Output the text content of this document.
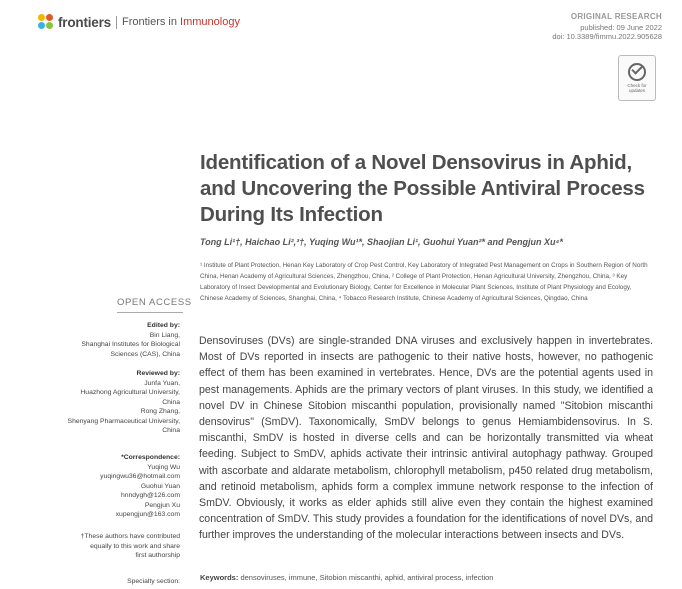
frontiers Frontiers in Immunology	ORIGINAL RESEARCH
published: 09 June 2022
doi: 10.3389/fimmu.2022.905628
Check for
updates
Identification of a Novel Densovirus in Aphid, and Uncovering the Possible Antiviral Process During Its Infection
Tong Li¹†, Haichao Li²,³†, Yuqing Wu¹*, Shaojian Li¹, Guohui Yuan²* and Pengjun Xu⁴*
¹ Institute of Plant Protection, Henan Key Laboratory of Crop Pest Control, Key Laboratory of Integrated Pest Management on Crops in Southern Region of North China, Henan Academy of Agricultural Sciences, Zhengzhou, China, ² College of Plant Protection, Henan Agricultural University, Zhengzhou, China, ³ Key Laboratory of Insect Developmental and Evolutionary Biology, Center for Excellence in Molecular Plant Sciences, Institute of Plant Physiology and Ecology, Chinese Academy of Sciences, Shanghai, China, ⁴ Tobacco Research Institute, Chinese Academy of Agricultural Sciences, Qingdao, China
OPEN ACCESS
Edited by:
Bin Liang,
Shanghai Institutes for Biological
Sciences (CAS), China
Reviewed by:
Junfa Yuan,
Huazhong Agricultural University,
China
Rong Zhang,
Shenyang Pharmaceutical University,
China
*Correspondence:
Yuqing Wu
yuqingwu36@hotmail.com
Guohui Yuan
hnndygh@126.com
Pengjun Xu
xupengjun@163.com
†These authors have contributed
equally to this work and share
first authorship
Specialty section:
Densoviruses (DVs) are single-stranded DNA viruses and exclusively happen in invertebrates. Most of DVs reported in insects are pathogenic to their native hosts, however, no pathogenic effect of them has been examined in vertebrates. Hence, DVs are the potential agents used in pest managements. Aphids are the primary vectors of plant viruses. In this study, we identified a novel DV in Chinese Sitobion miscanthi population, provisionally named "Sitobion miscanthi densovirus" (SmDV). Taxonomically, SmDV belongs to genus Hemiambidensovirus. In S. miscanthi, SmDV is hosted in diverse cells and can be horizontally transmitted via wheat feeding. Subject to SmDV, aphids activate their intrinsic antiviral autophagy pathway. Grouped with ascorbate and aldarate metabolism, chlorophyll metabolism, p450 related drug metabolism, and retinoid metabolism, aphids form a complex immune network response to the infection of SmDV. Obviously, it works as elder aphids still alive even they contain the highest examined concentration of SmDV. This study provides a foundation for the identifications of novel DVs, and further improves the understanding of the molecular interactions between insects and DVs.
Keywords: densoviruses, immune, Sitobion miscanthi, aphid, antiviral process, infection
